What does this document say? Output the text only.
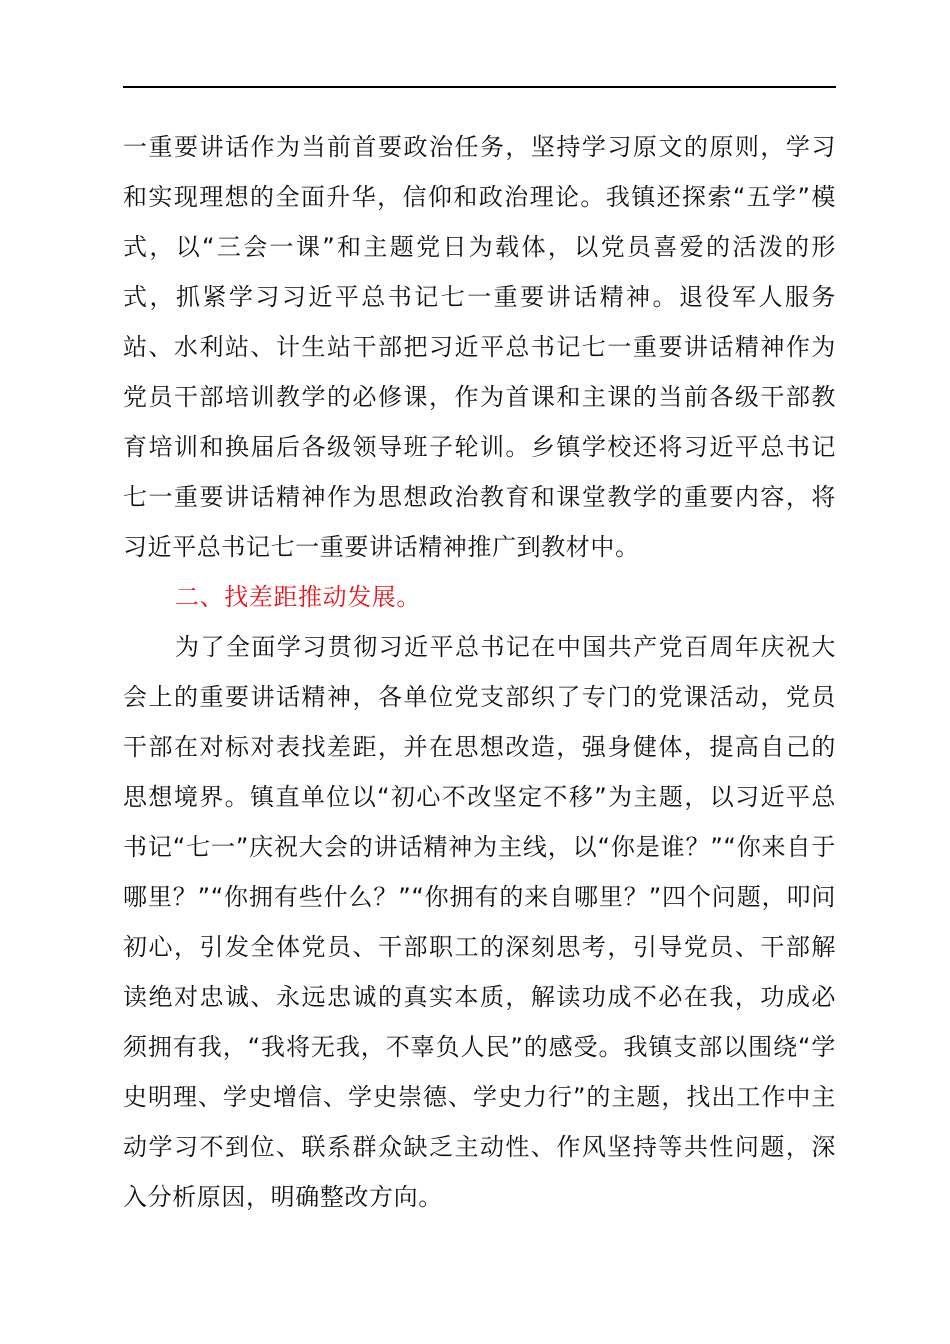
一重要讲话作为当前首要政治任务，坚持学习原文的原则，学习和实现理想的全面升华，信仰和政治理论。我镇还探索“五学”模式，以“三会一课”和主题党日为载体，以党员喜爱的活泼的形式，抓紧学习习近平总书记七一重要讲话精神。退役军人服务站、水利站、计生站干部把习近平总书记七一重要讲话精神作为党员干部培训教学的必修课，作为首课和主课的当前各级干部教育培训和换届后各级领导班子轮训。乡镇学校还将习近平总书记七一重要讲话精神作为思想政治教育和课堂教学的重要内容，将习近平总书记七一重要讲话精神推广到教材中。

二、找差距推动发展。

为了全面学习贯彻习近平总书记在中国共产党百周年庆祝大会上的重要讲话精神，各单位党支部织了专门的党课活动，党员干部在对标对表找差距，并在思想改造，强身健体，提高自己的思想境界。镇直单位以“初心不改坚定不移”为主题，以习近平总书记“七一”庆祝大会的讲话精神为主线，以“你是谁？”“你来自于哪里？”“你拥有些什么？”“你拥有的来自哪里？”四个问题，叩问初心，引发全体党员、干部职工的深刻思考，引导党员、干部解读绝对忠诚、永远忠诚的真实本质，解读功成不必在我，功成必须拥有我，“我将无我，不辜负人民”的感受。我镇支部以围绕“学史明理、学史增信、学史崇德、学史力行”的主题，找出工作中主动学习不到位、联系群众缺乏主动性、作风坚持等共性问题，深入分析原因，明确整改方向。
